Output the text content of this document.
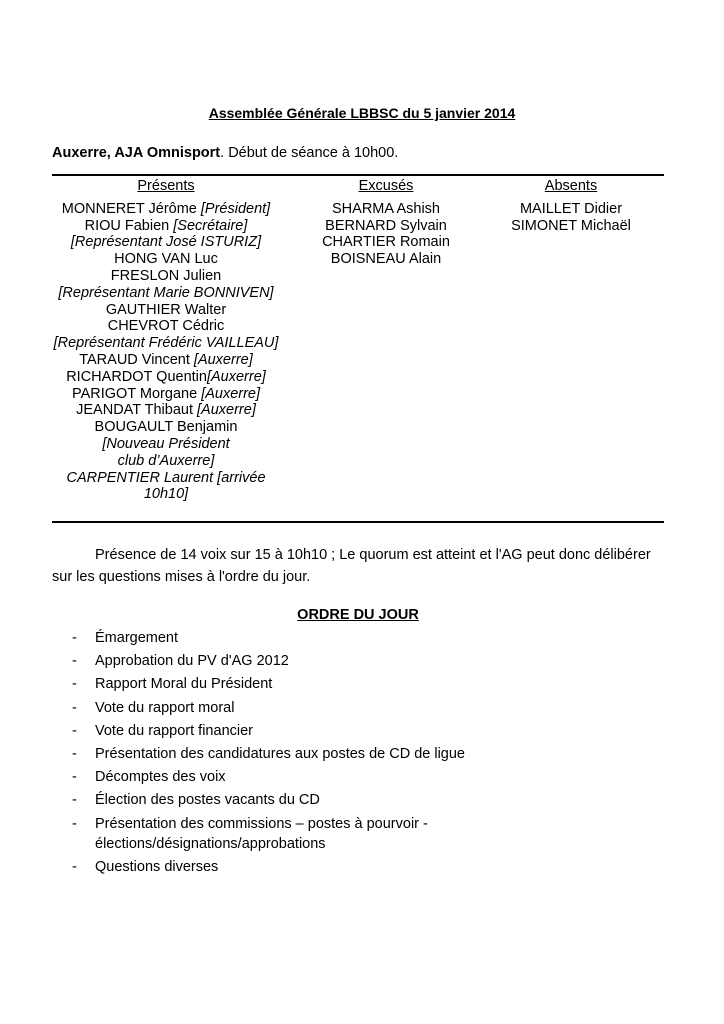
Assemblée Générale LBBSC du 5 janvier 2014
Auxerre, AJA Omnisport. Début de séance à 10h00.
Présents
MONNERET Jérôme [Président]
RIOU Fabien [Secrétaire]
[Représentant José ISTURIZ]
HONG VAN Luc
FRESLON Julien
[Représentant Marie BONNIVEN]
GAUTHIER Walter
CHEVROT Cédric
[Représentant Frédéric VAILLEAU]
TARAUD Vincent [Auxerre]
RICHARDOT Quentin[Auxerre]
PARIGOT Morgane [Auxerre]
JEANDAT Thibaut [Auxerre]
BOUGAULT Benjamin
[Nouveau Président club d’Auxerre]
CARPENTIER Laurent [arrivée 10h10]
Excusés
SHARMA Ashish
BERNARD Sylvain
CHARTIER Romain
BOISNEAU Alain
Absents
MAILLET Didier
SIMONET Michaël
Présence de 14 voix sur 15 à 10h10 ; Le quorum est atteint et l'AG peut donc délibérer sur les questions mises à l'ordre du jour.
ORDRE DU JOUR
- Émargement
- Approbation du PV d'AG 2012
- Rapport Moral du Président
- Vote du rapport moral
- Vote du rapport financier
- Présentation des candidatures aux postes de CD de ligue
- Décomptes des voix
- Élection des postes vacants du CD
- Présentation des commissions – postes à pourvoir - élections/désignations/approbations
- Questions diverses
